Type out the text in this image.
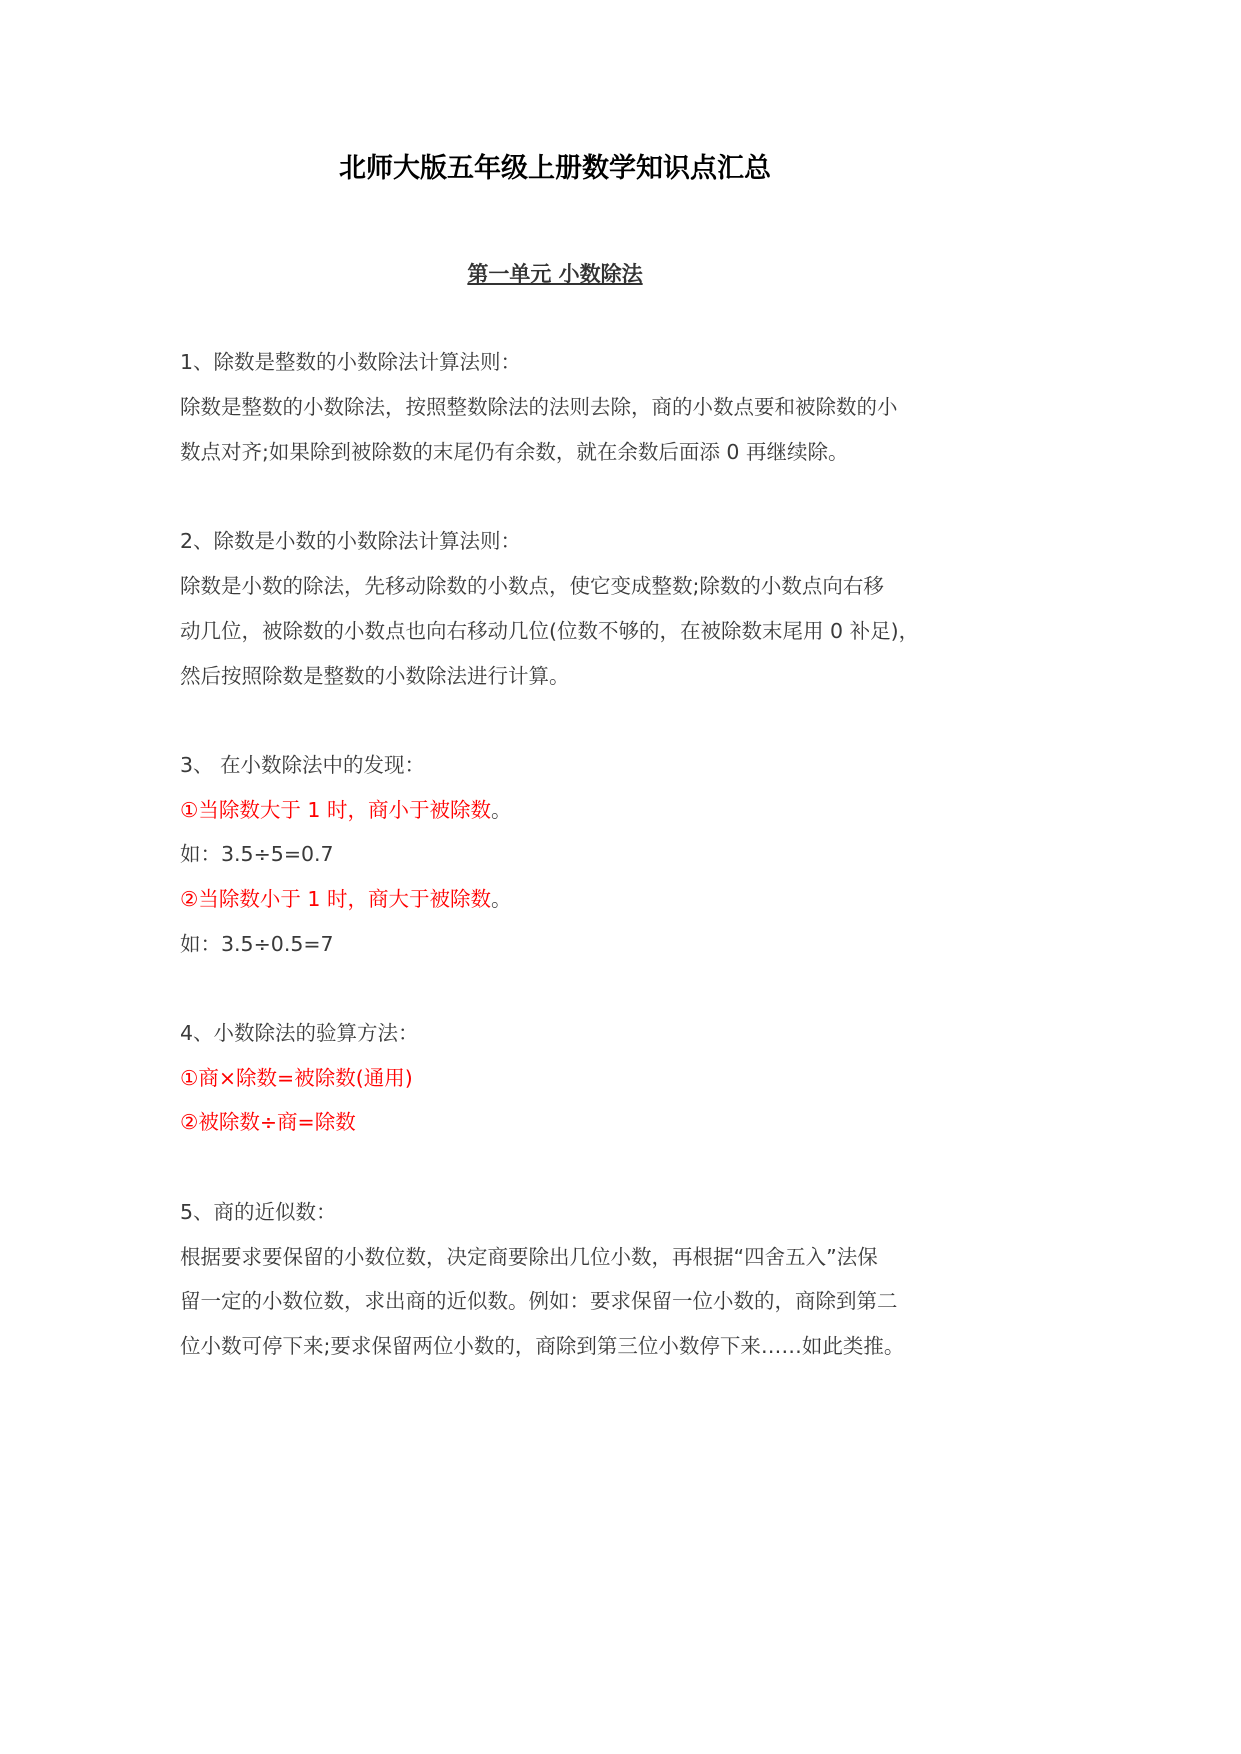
北师大版五年级上册数学知识点汇总
第一单元 小数除法
1、除数是整数的小数除法计算法则：
除数是整数的小数除法，按照整数除法的法则去除，商的小数点要和被除数的小
数点对齐;如果除到被除数的末尾仍有余数，就在余数后面添 0 再继续除。
2、除数是小数的小数除法计算法则：
除数是小数的除法，先移动除数的小数点，使它变成整数;除数的小数点向右移
动几位，被除数的小数点也向右移动几位(位数不够的，在被除数末尾用 0 补足)，
然后按照除数是整数的小数除法进行计算。
3、 在小数除法中的发现：
①当除数大于 1 时，商小于被除数。
如：3.5÷5=0.7
②当除数小于 1 时，商大于被除数。
如：3.5÷0.5=7
4、小数除法的验算方法：
①商×除数=被除数(通用)
②被除数÷商=除数
5、商的近似数：
根据要求要保留的小数位数，决定商要除出几位小数，再根据“四舍五入”法保
留一定的小数位数，求出商的近似数。例如：要求保留一位小数的，商除到第二
位小数可停下来;要求保留两位小数的，商除到第三位小数停下来……如此类推。
